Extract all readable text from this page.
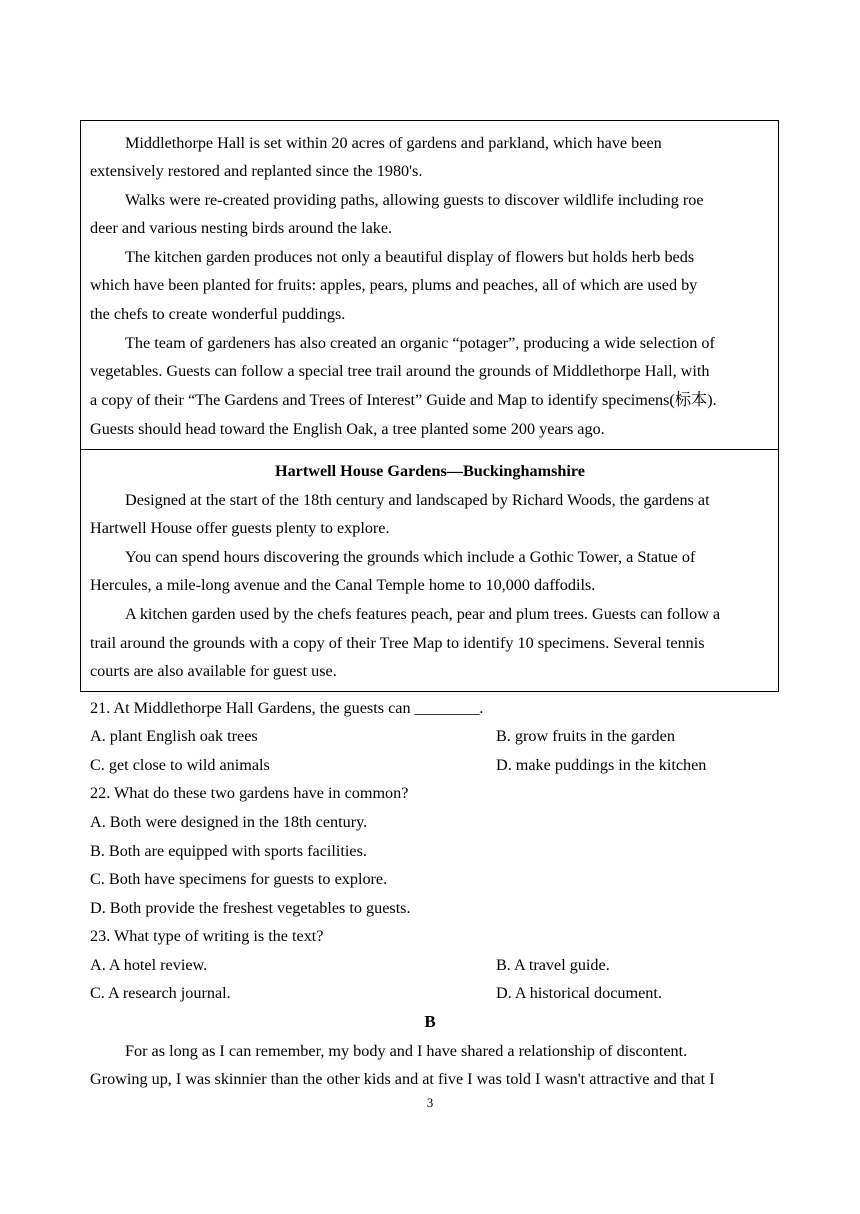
Middlethorpe Hall is set within 20 acres of gardens and parkland, which have been
extensively restored and replanted since the 1980's.
Walks were re-created providing paths, allowing guests to discover wildlife including roe
deer and various nesting birds around the lake.
The kitchen garden produces not only a beautiful display of flowers but holds herb beds
which have been planted for fruits: apples, pears, plums and peaches, all of which are used by
the chefs to create wonderful puddings.
The team of gardeners has also created an organic “potager”, producing a wide selection of
vegetables. Guests can follow a special tree trail around the grounds of Middlethorpe Hall, with
a copy of their “The Gardens and Trees of Interest” Guide and Map to identify specimens(标本).
Guests should head toward the English Oak, a tree planted some 200 years ago.
Hartwell House Gardens—Buckinghamshire
Designed at the start of the 18th century and landscaped by Richard Woods, the gardens at
Hartwell House offer guests plenty to explore.
You can spend hours discovering the grounds which include a Gothic Tower, a Statue of
Hercules, a mile-long avenue and the Canal Temple home to 10,000 daffodils.
A kitchen garden used by the chefs features peach, pear and plum trees. Guests can follow a
trail around the grounds with a copy of their Tree Map to identify 10 specimens. Several tennis
courts are also available for guest use.
21. At Middlethorpe Hall Gardens, the guests can ________.
A. plant English oak trees	B. grow fruits in the garden
C. get close to wild animals	D. make puddings in the kitchen
22. What do these two gardens have in common?
A. Both were designed in the 18th century.
B. Both are equipped with sports facilities.
C. Both have specimens for guests to explore.
D. Both provide the freshest vegetables to guests.
23. What type of writing is the text?
A. A hotel review.	B. A travel guide.
C. A research journal.	D. A historical document.
B
For as long as I can remember, my body and I have shared a relationship of discontent.
Growing up, I was skinnier than the other kids and at five I was told I wasn't attractive and that I
3
